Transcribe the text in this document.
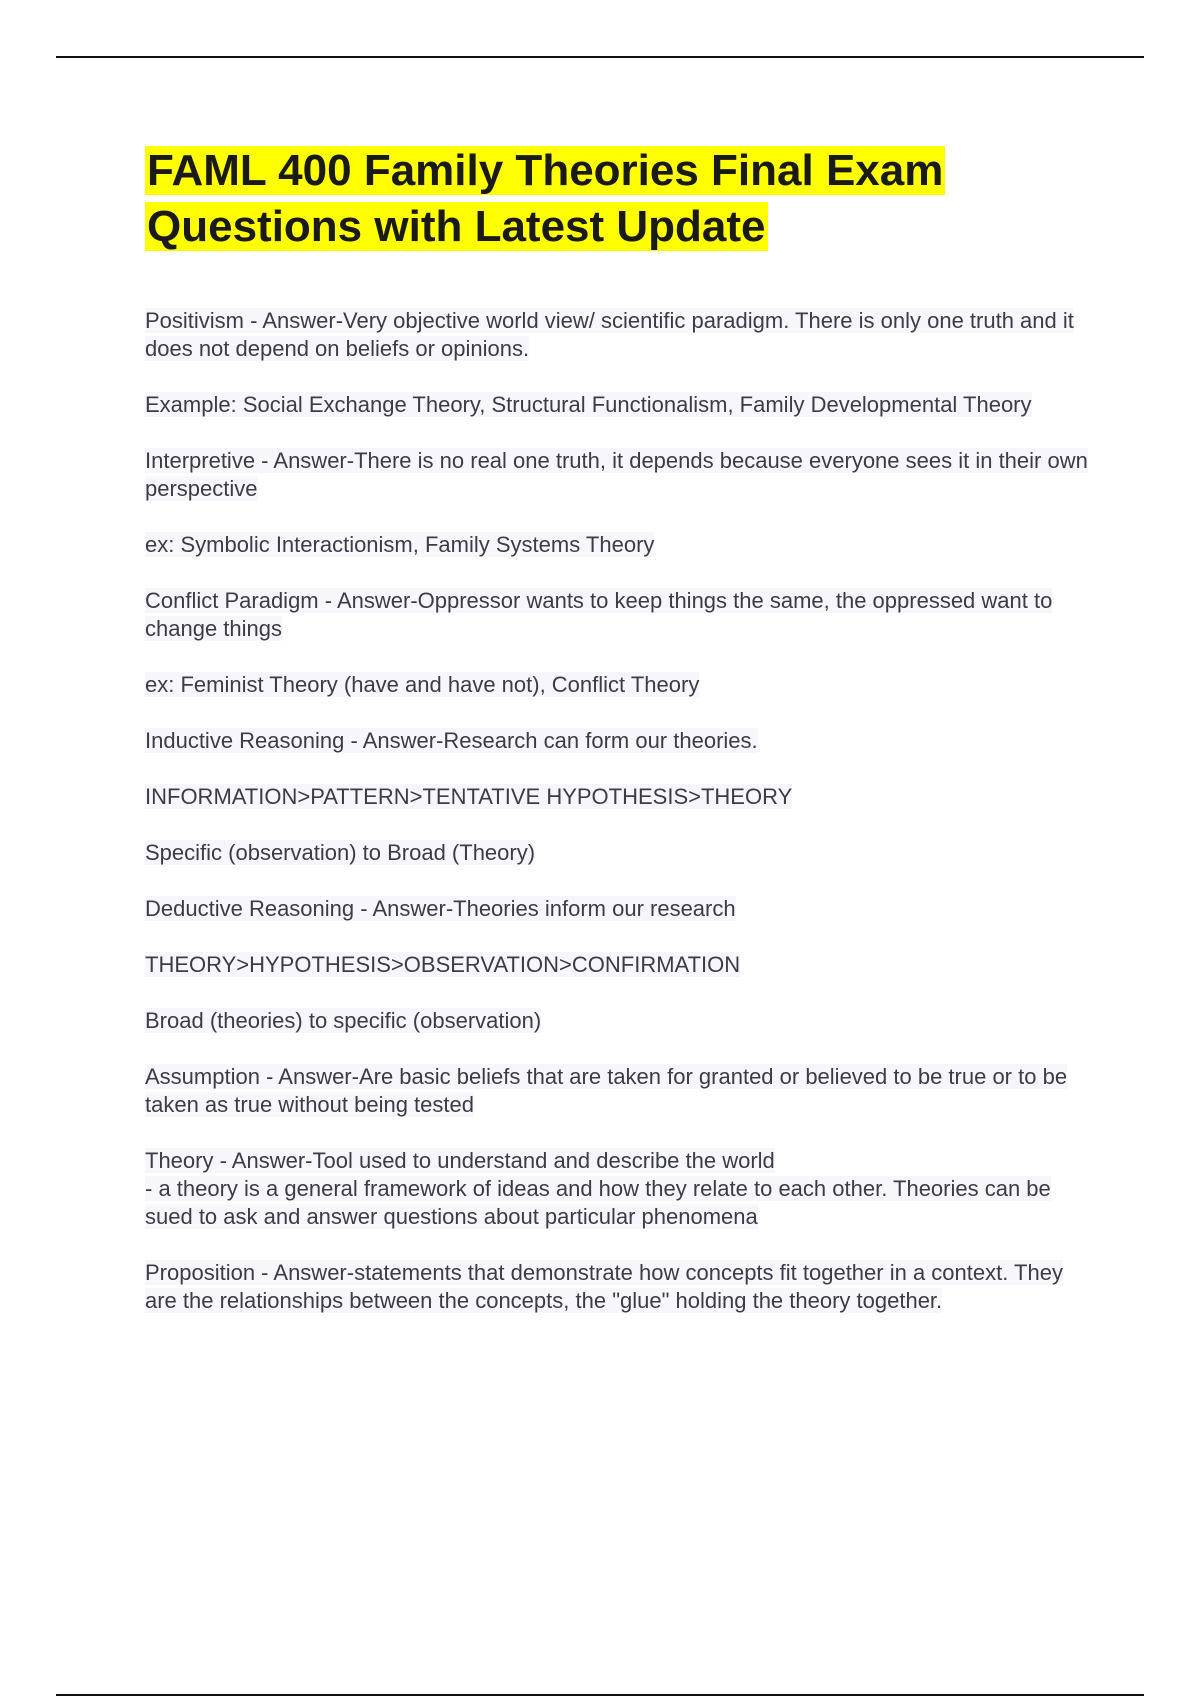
FAML 400 Family Theories Final Exam Questions with Latest Update

Positivism - Answer-Very objective world view/ scientific paradigm. There is only one truth and it does not depend on beliefs or opinions.

Example: Social Exchange Theory, Structural Functionalism, Family Developmental Theory

Interpretive - Answer-There is no real one truth, it depends because everyone sees it in their own perspective

ex: Symbolic Interactionism, Family Systems Theory

Conflict Paradigm - Answer-Oppressor wants to keep things the same, the oppressed want to change things

ex: Feminist Theory (have and have not), Conflict Theory

Inductive Reasoning - Answer-Research can form our theories.

INFORMATION>PATTERN>TENTATIVE HYPOTHESIS>THEORY

Specific (observation) to Broad (Theory)

Deductive Reasoning - Answer-Theories inform our research

THEORY>HYPOTHESIS>OBSERVATION>CONFIRMATION

Broad (theories) to specific (observation)

Assumption - Answer-Are basic beliefs that are taken for granted or believed to be true or to be taken as true without being tested

Theory - Answer-Tool used to understand and describe the world
- a theory is a general framework of ideas and how they relate to each other. Theories can be sued to ask and answer questions about particular phenomena

Proposition - Answer-statements that demonstrate how concepts fit together in a context. They are the relationships between the concepts, the "glue" holding the theory together.
